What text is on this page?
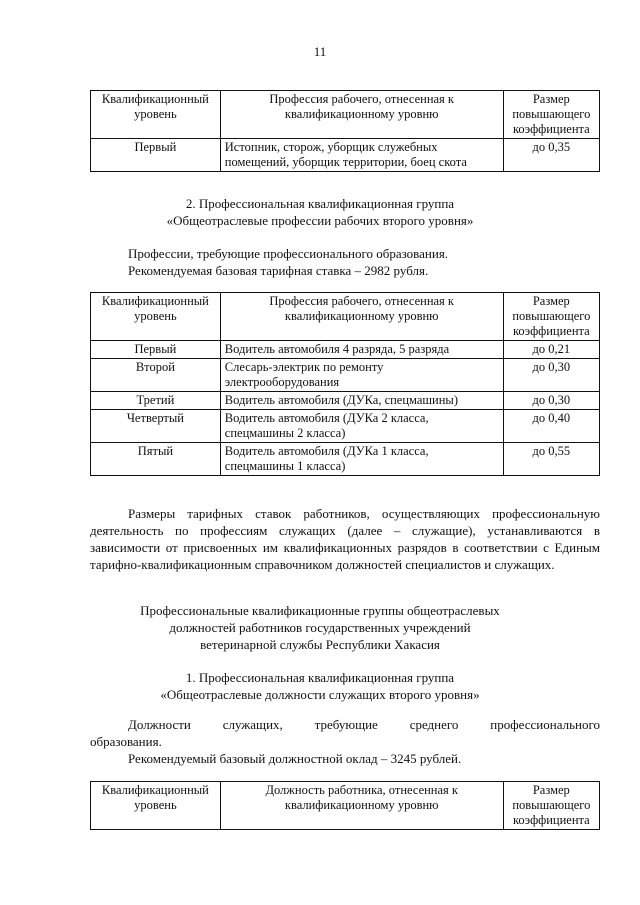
11
Квалификационный уровень	Профессия рабочего, отнесенная к квалификационному уровню	Размер повышающего коэффициента
Первый	Истопник, сторож, уборщик служебных помещений, уборщик территории, боец скота	до 0,35
2. Профессиональная квалификационная группа
«Общеотраслевые профессии рабочих второго уровня»
Профессии, требующие профессионального образования.
Рекомендуемая базовая тарифная ставка – 2982 рубля.
Квалификационный уровень	Профессия рабочего, отнесенная к квалификационному уровню	Размер повышающего коэффициента
Первый	Водитель автомобиля 4 разряда, 5 разряда	до 0,21
Второй	Слесарь-электрик по ремонту электрооборудования	до 0,30
Третий	Водитель автомобиля (ДУКа, спецмашины)	до 0,30
Четвертый	Водитель автомобиля (ДУКа 2 класса, спецмашины 2 класса)	до 0,40
Пятый	Водитель автомобиля (ДУКа 1 класса, спецмашины 1 класса)	до 0,55
Размеры тарифных ставок работников, осуществляющих профессиональную деятельность по профессиям служащих (далее – служащие), устанавливаются в зависимости от присвоенных им квалификационных разрядов в соответствии с Единым тарифно-квалификационным справочником должностей специалистов и служащих.
Профессиональные квалификационные группы общеотраслевых
должностей работников государственных учреждений
ветеринарной службы Республики Хакасия
1. Профессиональная квалификационная группа
«Общеотраслевые должности служащих второго уровня»
Должности служащих, требующие среднего профессионального
образования.
Рекомендуемый базовый должностной оклад – 3245 рублей.
Квалификационный уровень	Должность работника, отнесенная к квалификационному уровню	Размер повышающего коэффициента
